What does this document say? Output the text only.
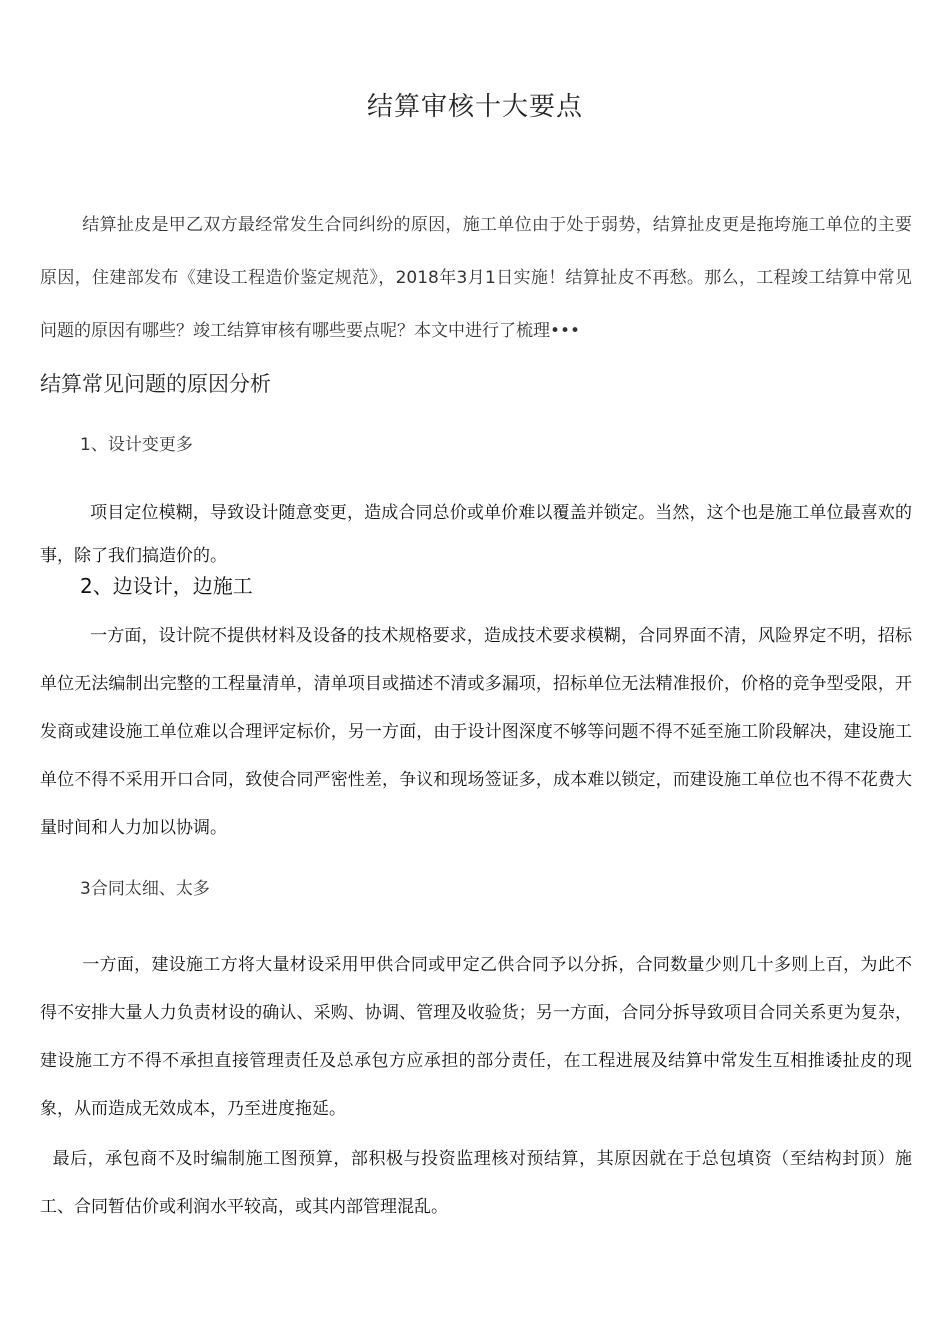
结算审核十大要点

结算扯皮是甲乙双方最经常发生合同纠纷的原因，施工单位由于处于弱势，结算扯皮更是拖垮施工单位的主要原因，住建部发布《建设工程造价鉴定规范》，2018年3月1日实施！结算扯皮不再愁。那么，工程竣工结算中常见问题的原因有哪些？竣工结算审核有哪些要点呢？本文中进行了梳理•••

结算常见问题的原因分析
1、设计变更多

项目定位模糊，导致设计随意变更，造成合同总价或单价难以覆盖并锁定。当然，这个也是施工单位最喜欢的事，除了我们搞造价的。

2、边设计，边施工

一方面，设计院不提供材料及设备的技术规格要求，造成技术要求模糊，合同界面不清，风险界定不明，招标单位无法编制出完整的工程量清单，清单项目或描述不清或多漏项，招标单位无法精准报价，价格的竞争型受限，开发商或建设施工单位难以合理评定标价，另一方面，由于设计图深度不够等问题不得不延至施工阶段解决，建设施工单位不得不采用开口合同，致使合同严密性差，争议和现场签证多，成本难以锁定，而建设施工单位也不得不花费大量时间和人力加以协调。

3合同太细、太多

一方面，建设施工方将大量材设采用甲供合同或甲定乙供合同予以分拆，合同数量少则几十多则上百，为此不得不安排大量人力负责材设的确认、采购、协调、管理及收验货；另一方面，合同分拆导致项目合同关系更为复杂，建设施工方不得不承担直接管理责任及总承包方应承担的部分责任，在工程进展及结算中常发生互相推诿扯皮的现象，从而造成无效成本，乃至进度拖延。

最后，承包商不及时编制施工图预算，部积极与投资监理核对预结算，其原因就在于总包填资（至结构封顶）施工、合同暂估价或利润水平较高，或其内部管理混乱。
